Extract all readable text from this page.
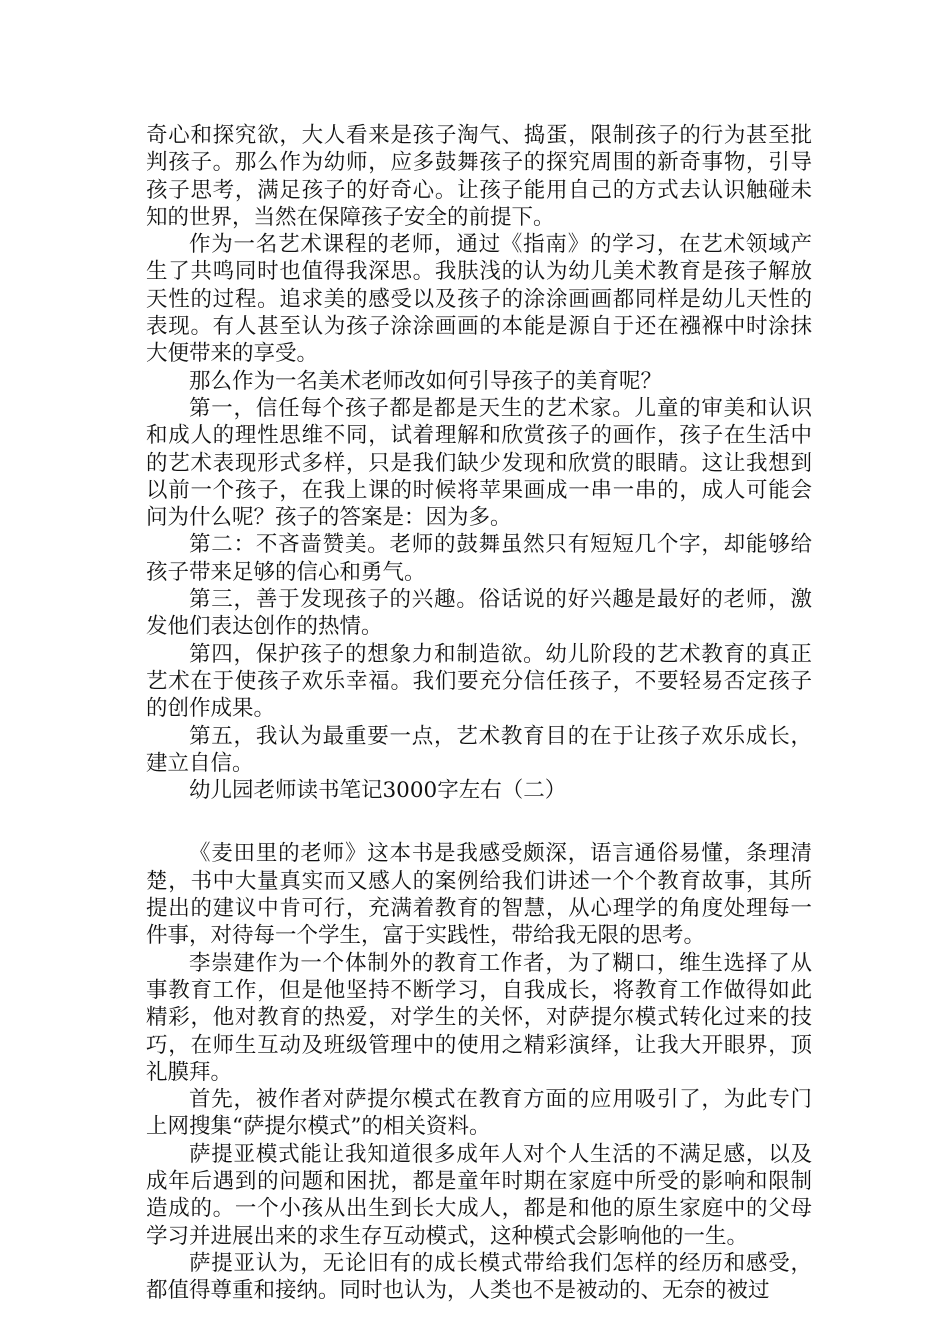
奇心和探究欲，大人看来是孩子淘气、捣蛋，限制孩子的行为甚至批判孩子。那么作为幼师，应多鼓舞孩子的探究周围的新奇事物，引导孩子思考，满足孩子的好奇心。让孩子能用自己的方式去认识触碰未知的世界，当然在保障孩子安全的前提下。

作为一名艺术课程的老师，通过《指南》的学习，在艺术领域产生了共鸣同时也值得我深思。我肤浅的认为幼儿美术教育是孩子解放天性的过程。追求美的感受以及孩子的涂涂画画都同样是幼儿天性的表现。有人甚至认为孩子涂涂画画的本能是源自于还在襁褓中时涂抹大便带来的享受。

那么作为一名美术老师改如何引导孩子的美育呢？

第一，信任每个孩子都是都是天生的艺术家。儿童的审美和认识和成人的理性思维不同，试着理解和欣赏孩子的画作，孩子在生活中的艺术表现形式多样，只是我们缺少发现和欣赏的眼睛。这让我想到以前一个孩子，在我上课的时候将苹果画成一串一串的，成人可能会问为什么呢？孩子的答案是：因为多。

第二：不吝啬赞美。老师的鼓舞虽然只有短短几个字，却能够给孩子带来足够的信心和勇气。

第三，善于发现孩子的兴趣。俗话说的好兴趣是最好的老师，激发他们表达创作的热情。

第四，保护孩子的想象力和制造欲。幼儿阶段的艺术教育的真正艺术在于使孩子欢乐幸福。我们要充分信任孩子，不要轻易否定孩子的创作成果。

第五，我认为最重要一点，艺术教育目的在于让孩子欢乐成长，建立自信。

幼儿园老师读书笔记3000字左右（二）

《麦田里的老师》这本书是我感受颇深，语言通俗易懂，条理清楚，书中大量真实而又感人的案例给我们讲述一个个教育故事，其所提出的建议中肯可行，充满着教育的智慧，从心理学的角度处理每一件事，对待每一个学生，富于实践性，带给我无限的思考。

李崇建作为一个体制外的教育工作者，为了糊口，维生选择了从事教育工作，但是他坚持不断学习，自我成长，将教育工作做得如此精彩，他对教育的热爱，对学生的关怀，对萨提尔模式转化过来的技巧，在师生互动及班级管理中的使用之精彩演绎，让我大开眼界，顶礼膜拜。

首先，被作者对萨提尔模式在教育方面的应用吸引了，为此专门上网搜集“萨提尔模式”的相关资料。

萨提亚模式能让我知道很多成年人对个人生活的不满足感，以及成年后遇到的问题和困扰，都是童年时期在家庭中所受的影响和限制造成的。一个小孩从出生到长大成人，都是和他的原生家庭中的父母学习并进展出来的求生存互动模式，这种模式会影响他的一生。

萨提亚认为，无论旧有的成长模式带给我们怎样的经历和感受，都值得尊重和接纳。同时也认为，人类也不是被动的、无奈的被过
